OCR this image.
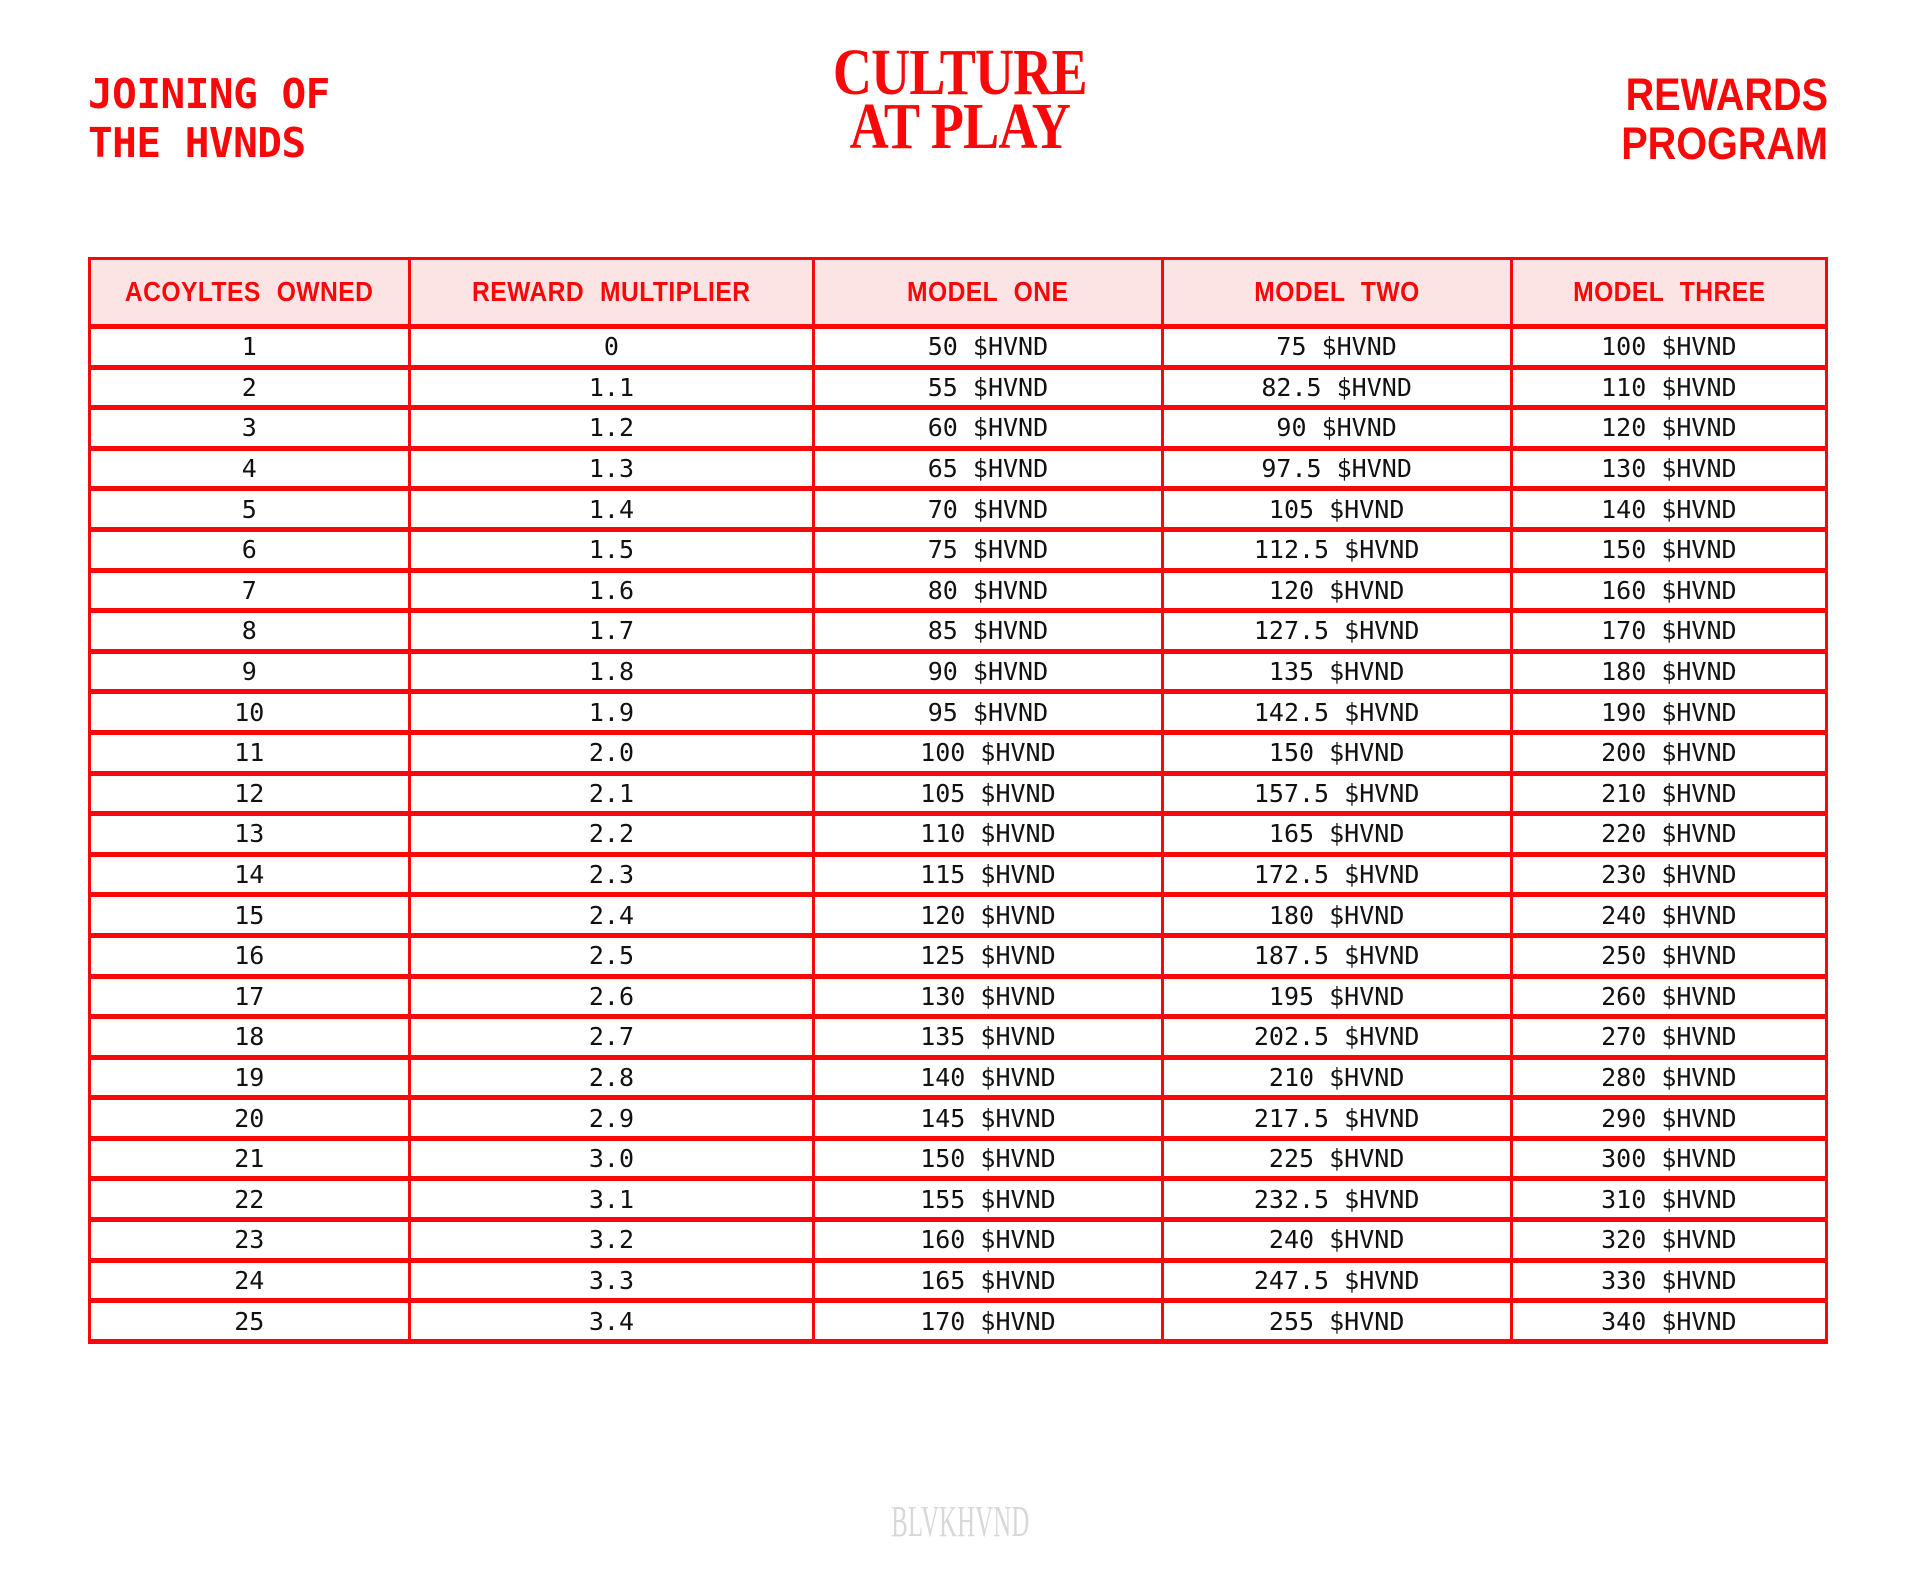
JOINING OF
THE HVNDS
CULTURE
AT PLAY	REWARDS
PROGRAM
ACOYLTES OWNED	REWARD MULTIPLIER	MODEL ONE	MODEL TWO	MODEL THREE
1	0	50 $HVND	75 $HVND	100 $HVND
2	1.1	55 $HVND	82.5 $HVND	110 $HVND
3	1.2	60 $HVND	90 $HVND	120 $HVND
4	1.3	65 $HVND	97.5 $HVND	130 $HVND
5	1.4	70 $HVND	105 $HVND	140 $HVND
6	1.5	75 $HVND	112.5 $HVND	150 $HVND
7	1.6	80 $HVND	120 $HVND	160 $HVND
8	1.7	85 $HVND	127.5 $HVND	170 $HVND
9	1.8	90 $HVND	135 $HVND	180 $HVND
10	1.9	95 $HVND	142.5 $HVND	190 $HVND
11	2.0	100 $HVND	150 $HVND	200 $HVND
12	2.1	105 $HVND	157.5 $HVND	210 $HVND
13	2.2	110 $HVND	165 $HVND	220 $HVND
14	2.3	115 $HVND	172.5 $HVND	230 $HVND
15	2.4	120 $HVND	180 $HVND	240 $HVND
16	2.5	125 $HVND	187.5 $HVND	250 $HVND
17	2.6	130 $HVND	195 $HVND	260 $HVND
18	2.7	135 $HVND	202.5 $HVND	270 $HVND
19	2.8	140 $HVND	210 $HVND	280 $HVND
20	2.9	145 $HVND	217.5 $HVND	290 $HVND
21	3.0	150 $HVND	225 $HVND	300 $HVND
22	3.1	155 $HVND	232.5 $HVND	310 $HVND
23	3.2	160 $HVND	240 $HVND	320 $HVND
24	3.3	165 $HVND	247.5 $HVND	330 $HVND
25	3.4	170 $HVND	255 $HVND	340 $HVND
BLVKHVND
